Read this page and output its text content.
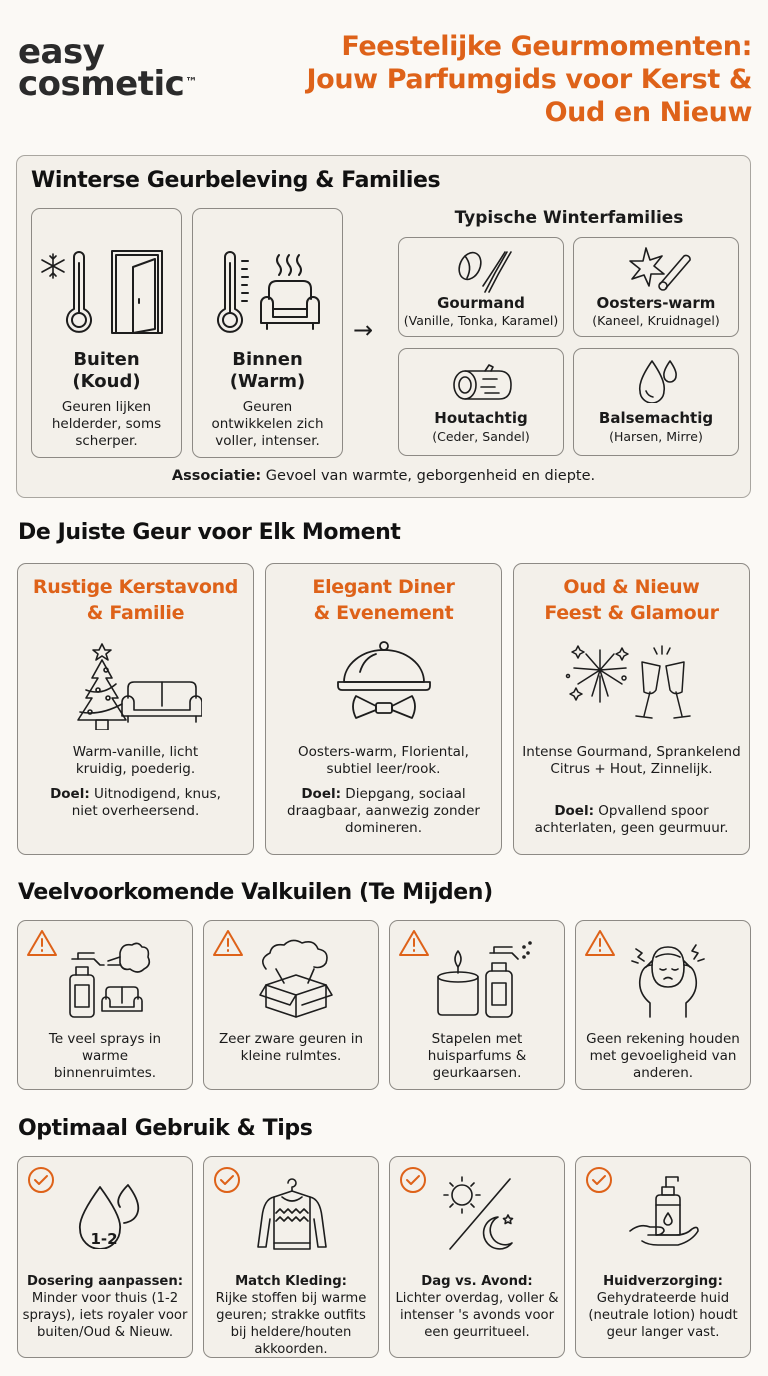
easy
cosmetic™
Feestelijke Geurmomenten: Jouw Parfumgids voor Kerst & Oud en Nieuw
Winterse Geurbeleving & Families
Buiten
(Koud)
Geuren lijken helderder, soms scherper.
Binnen
(Warm)
Geuren ontwikkelen zich voller, intenser.
→
Typische Winterfamilies
Gourmand
(Vanille, Tonka, Karamel)
Oosters-warm
(Kaneel, Kruidnagel)
Houtachtig
(Ceder, Sandel)
Balsemachtig
(Harsen, Mirre)
Associatie: Gevoel van warmte, geborgenheid en diepte.
De Juiste Geur voor Elk Moment
Rustige Kerstavond
& Familie
Warm-vanille, licht kruidig, poederig.
Doel: Uitnodigend, knus, niet overheersend.
Elegant Diner
& Evenement
Oosters-warm, Floriental, subtiel leer/rook.
Doel: Diepgang, sociaal draagbaar, aanwezig zonder domineren.
Oud & Nieuw
Feest & Glamour
Intense Gourmand, Sprankelend Citrus + Hout, Zinnelijk.
Doel: Opvallend spoor achterlaten, geen geurmuur.
Veelvoorkomende Valkuilen (Te Mijden)
Te veel sprays in warme binnenruimtes.
Zeer zware geuren in kleine rulmtes.
Stapelen met huisparfums & geurkaarsen.
Geen rekening houden met gevoeligheid van anderen.
Optimaal Gebruik & Tips
1-2
Dosering aanpassen:
Minder voor thuis (1-2 sprays), iets royaler voor buiten/Oud & Nieuw.
Match Kleding:
Rijke stoffen bij warme geuren; strakke outfits bij heldere/houten akkoorden.
Dag vs. Avond:
Lichter overdag, voller & intenser 's avonds voor een geurritueel.
Huidverzorging:
Gehydrateerde huid (neutrale lotion) houdt geur langer vast.
